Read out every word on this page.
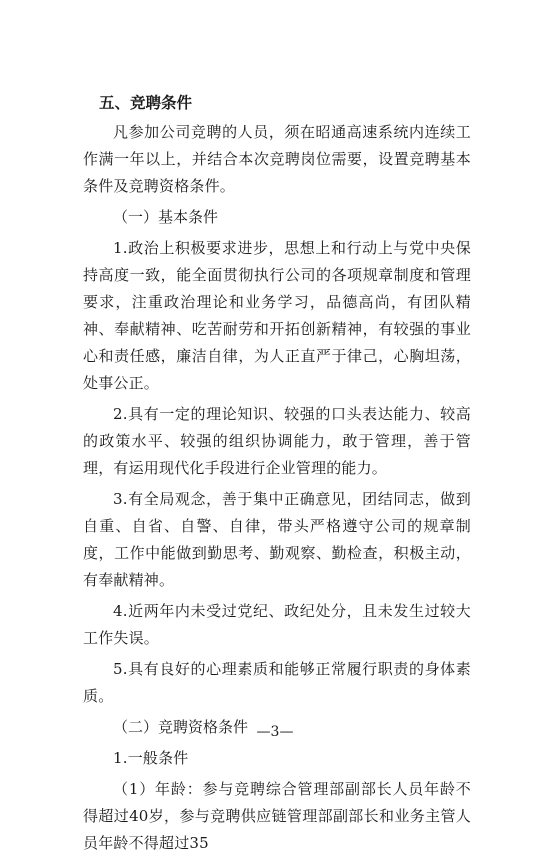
五、竞聘条件

凡参加公司竞聘的人员，须在昭通高速系统内连续工作满一年以上，并结合本次竞聘岗位需要，设置竞聘基本条件及竞聘资格条件。

（一）基本条件

1.政治上积极要求进步，思想上和行动上与党中央保持高度一致，能全面贯彻执行公司的各项规章制度和管理要求，注重政治理论和业务学习，品德高尚，有团队精神、奉献精神、吃苦耐劳和开拓创新精神，有较强的事业心和责任感，廉洁自律，为人正直严于律己，心胸坦荡，处事公正。

2.具有一定的理论知识、较强的口头表达能力、较高的政策水平、较强的组织协调能力，敢于管理，善于管理，有运用现代化手段进行企业管理的能力。

3.有全局观念，善于集中正确意见，团结同志，做到自重、自省、自警、自律，带头严格遵守公司的规章制度，工作中能做到勤思考、勤观察、勤检查，积极主动，有奉献精神。

4.近两年内未受过党纪、政纪处分，且未发生过较大工作失误。

5.具有良好的心理素质和能够正常履行职责的身体素质。

（二）竞聘资格条件

1.一般条件

（1）年龄：参与竞聘综合管理部副部长人员年龄不得超过40岁，参与竞聘供应链管理部副部长和业务主管人员年龄不得超过35

—3—
